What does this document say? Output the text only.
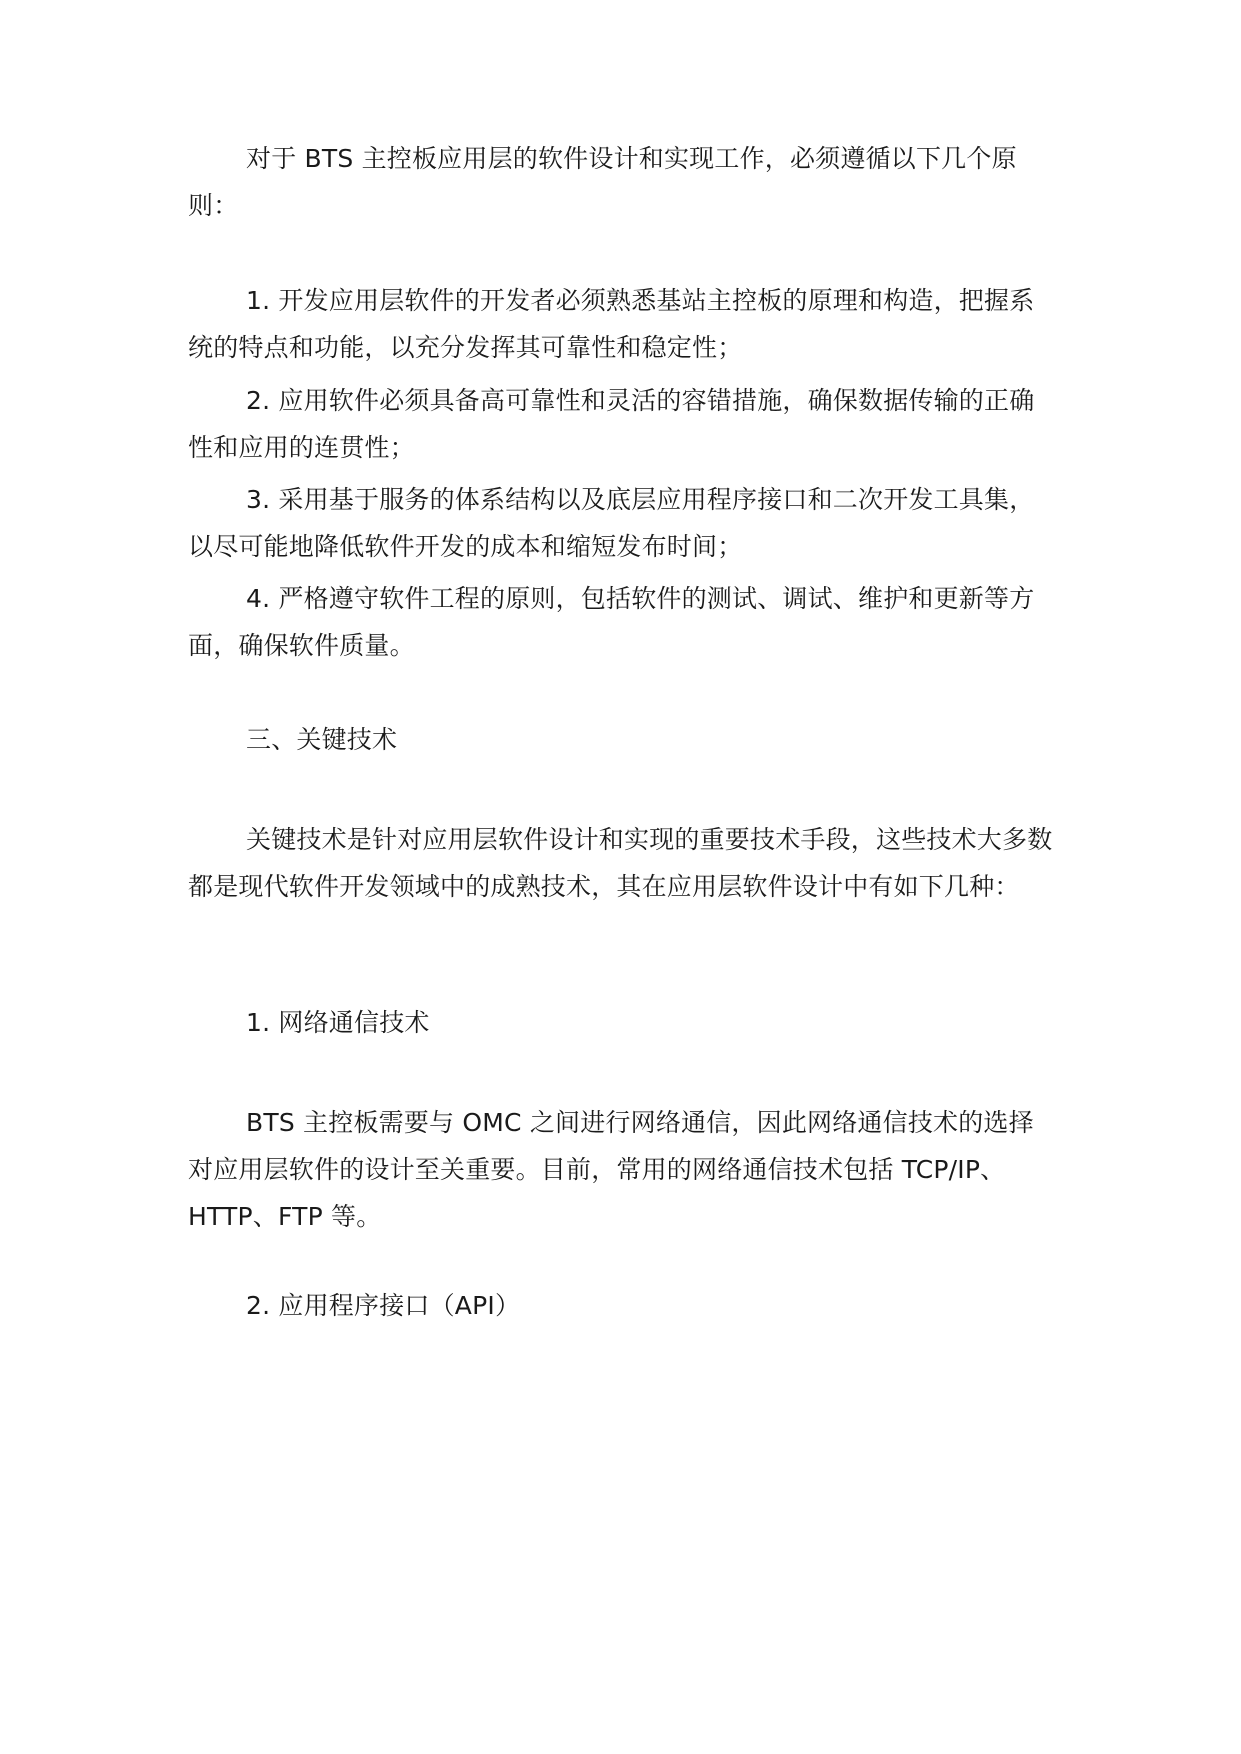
对于 BTS 主控板应用层的软件设计和实现工作，必须遵循以下几个原则：

1. 开发应用层软件的开发者必须熟悉基站主控板的原理和构造，把握系统的特点和功能，以充分发挥其可靠性和稳定性；

2. 应用软件必须具备高可靠性和灵活的容错措施，确保数据传输的正确性和应用的连贯性；

3. 采用基于服务的体系结构以及底层应用程序接口和二次开发工具集，以尽可能地降低软件开发的成本和缩短发布时间；

4. 严格遵守软件工程的原则，包括软件的测试、调试、维护和更新等方面，确保软件质量。

三、关键技术

关键技术是针对应用层软件设计和实现的重要技术手段，这些技术大多数都是现代软件开发领域中的成熟技术，其在应用层软件设计中有如下几种：

1. 网络通信技术

BTS 主控板需要与 OMC 之间进行网络通信，因此网络通信技术的选择对应用层软件的设计至关重要。目前，常用的网络通信技术包括 TCP/IP、HTTP、FTP 等。

2. 应用程序接口（API）
